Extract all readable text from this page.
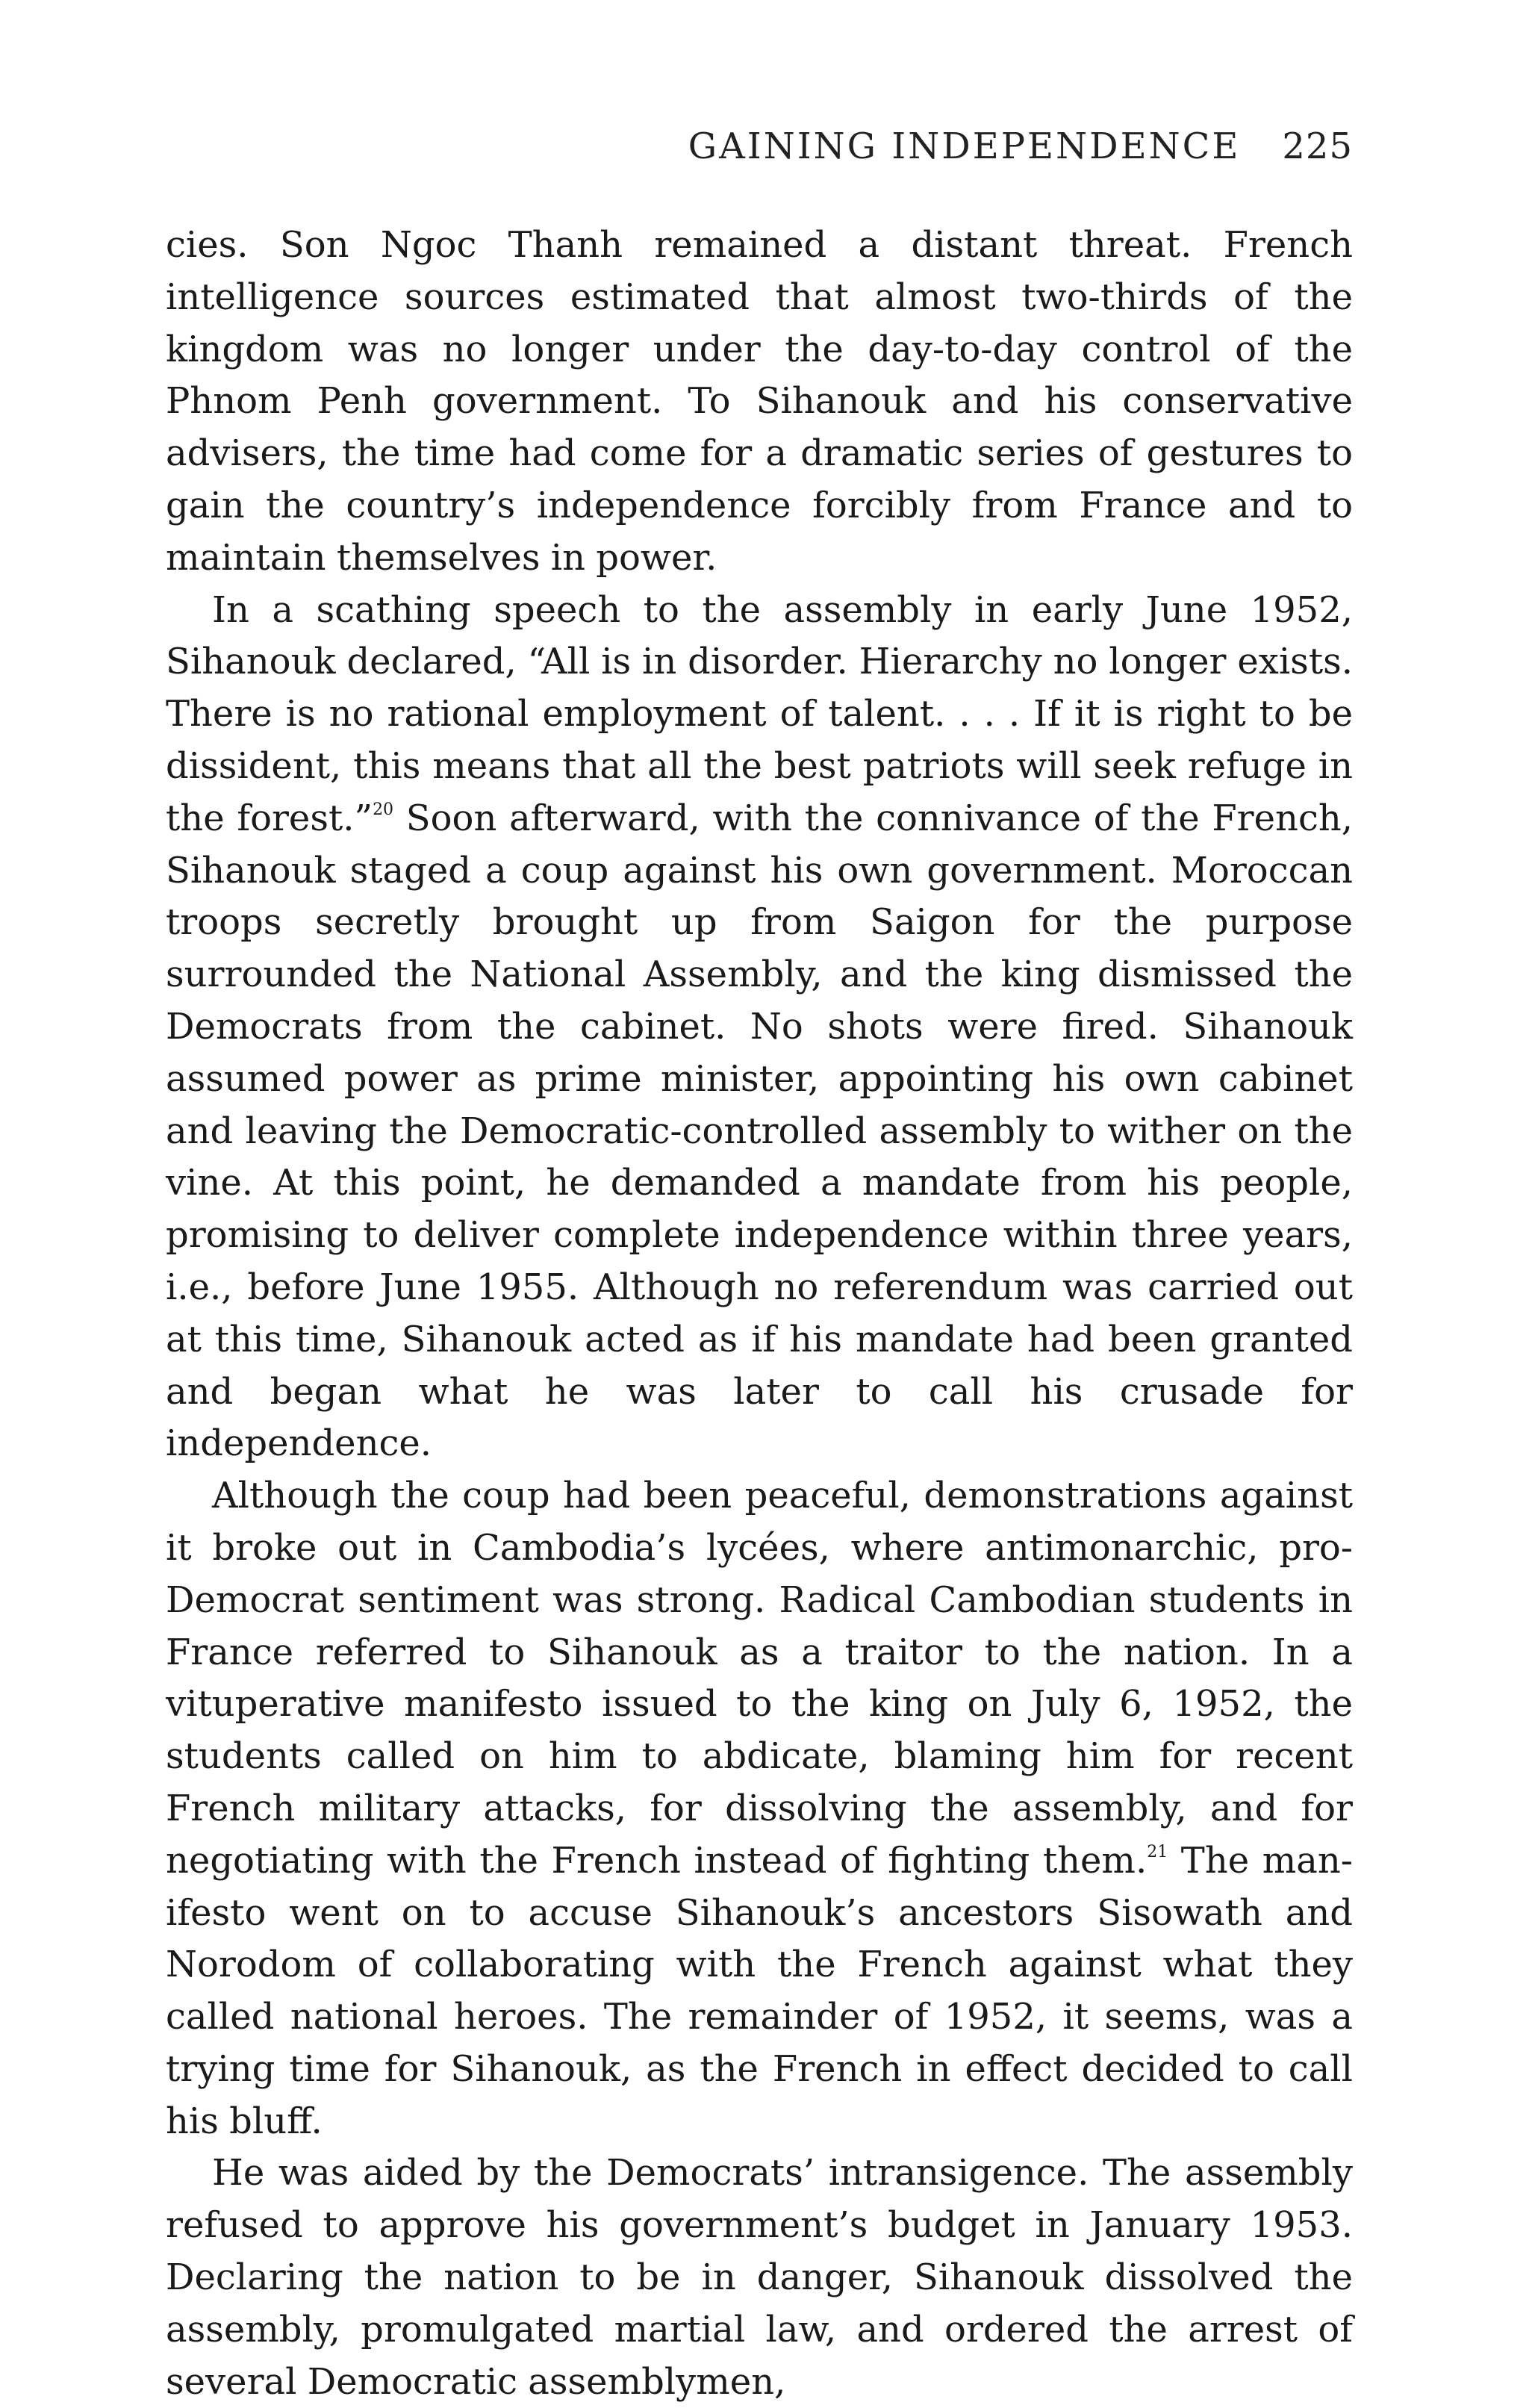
GAINING INDEPENDENCE 225

cies. Son Ngoc Thanh remained a distant threat. French intelligence sources estimated that almost two-thirds of the kingdom was no longer under the day-to-day control of the Phnom Penh government. To Sihanouk and his conservative advisers, the time had come for a dramatic series of gestures to gain the country’s independence forcibly from France and to maintain themselves in power.

In a scathing speech to the assembly in early June 1952, Sihanouk declared, “All is in disorder. Hierarchy no longer exists. There is no rational employment of talent. . . . If it is right to be dissident, this means that all the best patriots will seek refuge in the forest.”$^{20}$ Soon afterward, with the connivance of the French, Sihanouk staged a coup against his own government. Moroccan troops secretly brought up from Saigon for the purpose surrounded the National Assembly, and the king dismissed the Democrats from the cabinet. No shots were fired. Sihanouk assumed power as prime minister, appointing his own cabinet and leaving the Democratic-controlled assembly to wither on the vine. At this point, he demanded a mandate from his people, promising to deliver complete independence within three years, i.e., before June 1955. Although no referendum was carried out at this time, Sihanouk acted as if his mandate had been granted and began what he was later to call his crusade for independence.

Although the coup had been peaceful, demonstrations against it broke out in Cambodia’s lycées, where antimonarchic, pro-Democrat sentiment was strong. Radical Cambodian students in France referred to Sihanouk as a traitor to the nation. In a vituperative manifesto issued to the king on July 6, 1952, the students called on him to abdicate, blaming him for recent French military attacks, for dissolving the assembly, and for negotiating with the French instead of fighting them.$^{21}$ The manifesto went on to accuse Sihanouk’s ancestors Sisowath and Norodom of collaborating with the French against what they called national heroes. The remainder of 1952, it seems, was a trying time for Sihanouk, as the French in effect decided to call his bluff.

He was aided by the Democrats’ intransigence. The assembly refused to approve his government’s budget in January 1953. Declaring the nation to be in danger, Sihanouk dissolved the assembly, promulgated martial law, and ordered the arrest of several Democratic assemblymen,
